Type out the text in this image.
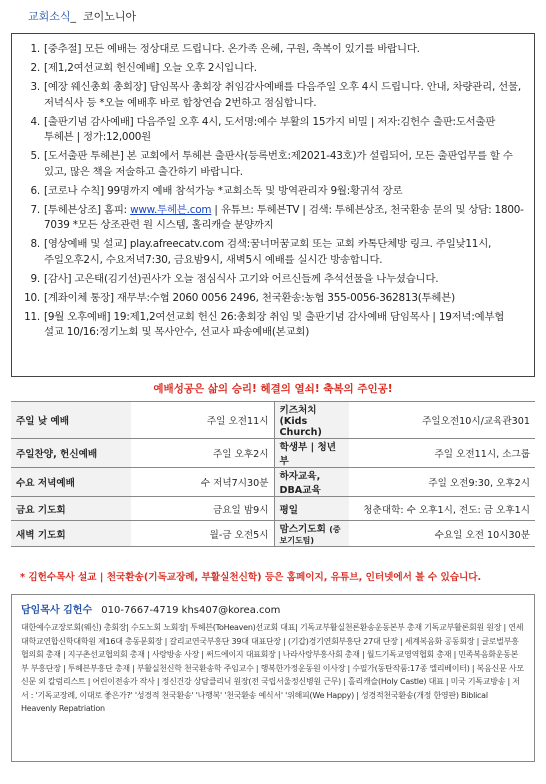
교회소식_ 코이노니아
1. [중추절] 모든 예배는 정상대로 드립니다. 온가족 은혜, 구원, 축복이 있기를 바랍니다.
2. [제1,2여선교회 헌신예배] 오늘 오후 2시입니다.
3. [예장 웨신총회 총회장] 담임목사 총회장 취임감사예배를 다음주일 오후 4시 드립니다. 안내, 차량관리, 선물, 저녁식사 등 *오늘 예배후 바로 합창연습 2번하고 점심합니다.
4. [출판기념 감사예배] 다음주일 오후 4시, 도서명:예수 부활의 15가지 비밀 | 저자:김헌수 출판:도서출판 투헤븐 | 정가:12,000원
5. [도서출판 투헤븐] 본 교회에서 투헤븐 출판사(등록번호:제2021-43호)가 설립되어, 모든 출판업무를 할 수 있고, 많은 책을 저술하고 출간하기 바랍니다.
6. [코로나 수칙] 99명까지 예배 참석가능 *교회소독 및 방역관리자 9월:황귀석 장로
7. [투헤븐상조] 홈피: www.투헤븐.com | 유튜브: 투헤븐TV | 검색: 투헤븐상조, 천국환송 문의 및 상담: 1800-7039 *모든 상조관련 원 시스템, 홀리캐슬 분양까지
8. [영상예배 및 설교] play.afreecatv.com 검색:꿈너머꿈교회 또는 교회 카톡단체방 링크. 주일낮11시, 주일오후2시, 수요저녁7:30, 금요밤9시, 새벽5시 예배를 실시간 방송합니다.
9. [감사] 고은태(김기선)권사가 오늘 점심식사 고기와 어르신들께 추석선물을 나누셨습니다.
10. [계좌이체 통장] 재무부:수협 2060 0056 2496, 천국환송:농협 355-0056-362813(투헤븐)
11. [9월 오후예배] 19:제1,2여선교회 헌신 26:총회장 취임 및 출판기념 감사예배 담임목사 | 19저녁:예부협 설교 10/16:정기노회 및 목사안수, 선교사 파송예배(본교회)
예배성공은 삶의 승리! 헤결의 열쇠! 축복의 주인공!
주일 낮 예배	주일 오전11시	키즈처치(Kids Church)	주일오전10시/교육관301
주일찬양, 헌신예배	주일 오후2시	학생부 | 청년부	주일 오전11시, 소그룹
수요 저녁예배	수 저녁7시30분	하자교육, DBA교육	주일 오전9:30, 오후2시
금요 기도회	금요일 밤9시	평일	청춘대학: 수 오후1시, 전도: 금 오후1시
새벽 기도회	월-금 오전5시	맘스기도회 (중보기도팀)	수요일 오전 10시30분
* 김헌수목사 설교 | 천국환송(기독교장례, 부활실천신학) 등은 홈페이지, 유튜브, 인터넷에서 볼 수 있습니다.
담임목사 김헌수 010-7667-4719 khs407@korea.com
대한예수교장로회(웨신) 총회장| 수도노회 노회장| 투헤븐(ToHeaven)선교회 대표| 기독교부활실천론환송운동본부 총재 기독교부활론회원 원장 | 연세대학교연합신학대학원 제16대 총동문회장 | 갈리교연국부흥단 39대 대표단장 | (기갑)경기연회부흥단 27대 단장 | 세계복음화 공동회장 | 글로벌부흥협의회 총재 | 지구촌선교협의회 총재 | 사랑방송 사장 | 써드에이지 대표회장 | 나라사랑부흥사회 총재 | 월드기독교영역협회 총재 | 민족복음화운동본부 부흥단장 | 투헤븐부흥단 총재 | 부활실천신학 천국환송학 주임교수 | 행복한가정운동원 이사장 | 수필가(동탄작품:17종 엘리베이터) | 복음신문 사모신문 외 칼럼리스트 | 어린이전송가 작사 | 정신건강 상담클리닉 원장(전 국립서울정신병원 근무) | 홀리캐슬(Holy Castle) 대표 | 미국 기독교방송 | 저서 : '기독교장례, 이대로 좋은가?' '성경적 천국환송' '나행복' '천국환송 예식서' '위해피(We Happy) | 성경적천국환송(개정 한영판) Biblical Heavenly Repatriation
